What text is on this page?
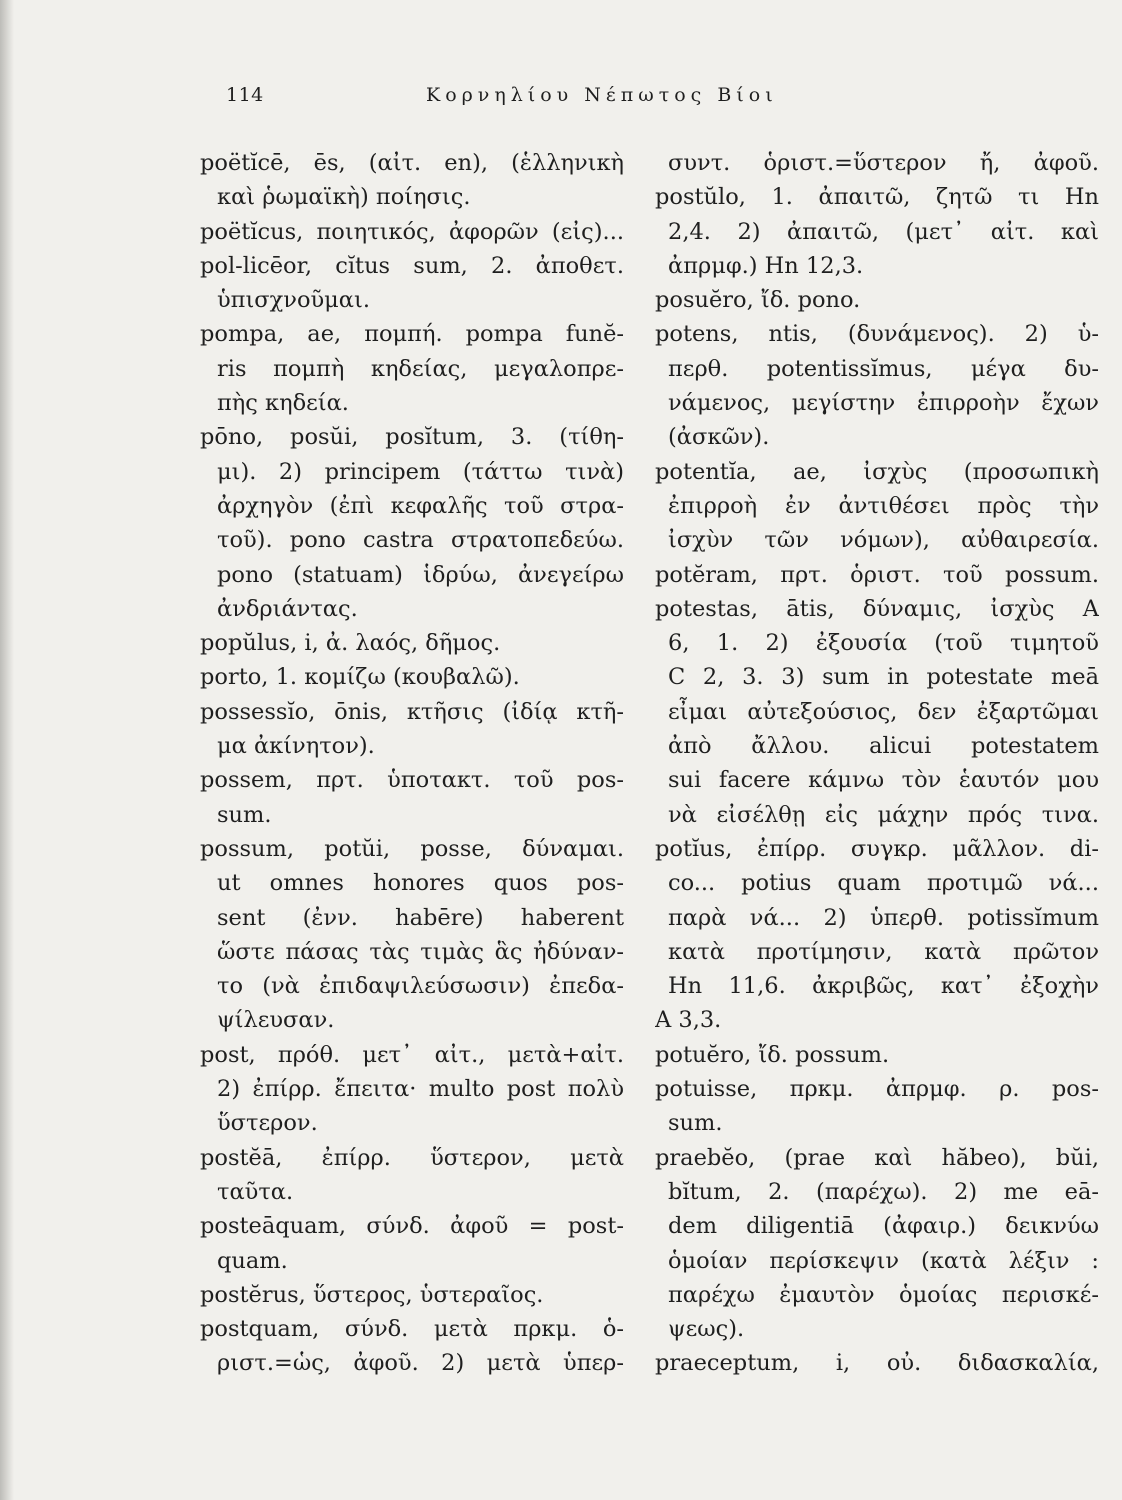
114	Κορνηλίου Νέπωτος Βίοι
poëtĭcē, ēs, (αἰτ. en), (ἑλληνικὴ
καὶ ῥωμαϊκὴ) ποίησις.
poëtĭcus, ποιητικός, ἀφορῶν (εἰς)...
pol-licēor, cĭtus sum, 2. ἀποθετ.
ὑπισχνοῦμαι.
pompa, ae, πομπή. pompa funĕ-
ris πομπὴ κηδείας, μεγαλοπρε-
πὴς κηδεία.
pōno, posŭi, posĭtum, 3. (τίθη-
μι). 2) principem (τάττω τινὰ)
ἀρχηγὸν (ἐπὶ κεφαλῆς τοῦ στρα-
τοῦ). pono castra στρατοπεδεύω.
pono (statuam) ἱδρύω, ἀνεγείρω
ἀνδριάντας.
popŭlus, i, ἀ. λαός, δῆμος.
porto, 1. κομίζω (κουβαλῶ).
possessĭo, ōnis, κτῆσις (ἰδίᾳ κτῆ-
μα ἀκίνητον).
possem, πρτ. ὑποτακτ. τοῦ pos-
sum.
possum, potŭi, posse, δύναμαι.
ut omnes honores quos pos-
sent (ἐνν. habēre) haberent
ὥστε πάσας τὰς τιμὰς ἃς ἠδύναν-
το (νὰ ἐπιδαψιλεύσωσιν) ἐπεδα-
ψίλευσαν.
post, πρόθ. μετ᾽ αἰτ., μετὰ+αἰτ.
2) ἐπίρρ. ἔπειτα· multo post πολὺ
ὕστερον.
postĕā, ἐπίρρ. ὕστερον, μετὰ
ταῦτα.
posteāquam, σύνδ. ἀφοῦ = post-
quam.
postĕrus, ὕστερος, ὑστεραῖος.
postquam, σύνδ. μετὰ πρκμ. ὁ-
ριστ.=ὡς, ἀφοῦ. 2) μετὰ ὑπερ-
συντ. ὁριστ.=ὕστερον ἤ, ἀφοῦ.
postŭlo, 1. ἀπαιτῶ, ζητῶ τι Hn
2,4. 2) ἀπαιτῶ, (μετ᾽ αἰτ. καὶ
ἀπρμφ.) Hn 12,3.
posuĕro, ἴδ. pono.
potens, ntis, (δυνάμενος). 2) ὑ-
περθ. potentissĭmus, μέγα δυ-
νάμενος, μεγίστην ἐπιρροὴν ἔχων
(ἀσκῶν).
potentĭa, ae, ἰσχὺς (προσωπικὴ
ἐπιρροὴ ἐν ἀντιθέσει πρὸς τὴν
ἰσχὺν τῶν νόμων), αὐθαιρεσία.
potĕram, πρτ. ὁριστ. τοῦ possum.
potestas, ātis, δύναμις, ἰσχὺς A
6, 1. 2) ἐξουσία (τοῦ τιμητοῦ
C 2, 3. 3) sum in potestate meā
εἶμαι αὐτεξούσιος, δεν ἐξαρτῶμαι
ἀπὸ ἄλλου. alicui potestatem
sui facere κάμνω τὸν ἑαυτόν μου
νὰ εἰσέλθῃ εἰς μάχην πρός τινα.
potĭus, ἐπίρρ. συγκρ. μᾶλλον. di-
co... potius quam προτιμῶ νά...
παρὰ νά... 2) ὑπερθ. potissĭmum
κατὰ προτίμησιν, κατὰ πρῶτον
Hn 11,6. ἀκριβῶς, κατ᾽ ἐξοχὴν
A 3,3.
potuĕro, ἴδ. possum.
potuisse, πρκμ. ἀπρμφ. ρ. pos-
sum.
praebĕo, (prae καὶ hăbeo), bŭi,
bĭtum, 2. (παρέχω). 2) me eā-
dem diligentiā (ἀφαιρ.) δεικνύω
ὁμοίαν περίσκεψιν (κατὰ λέξιν :
παρέχω ἐμαυτὸν ὁμοίας περισκέ-
ψεως).
praeceptum, i, οὐ. διδασκαλία,
